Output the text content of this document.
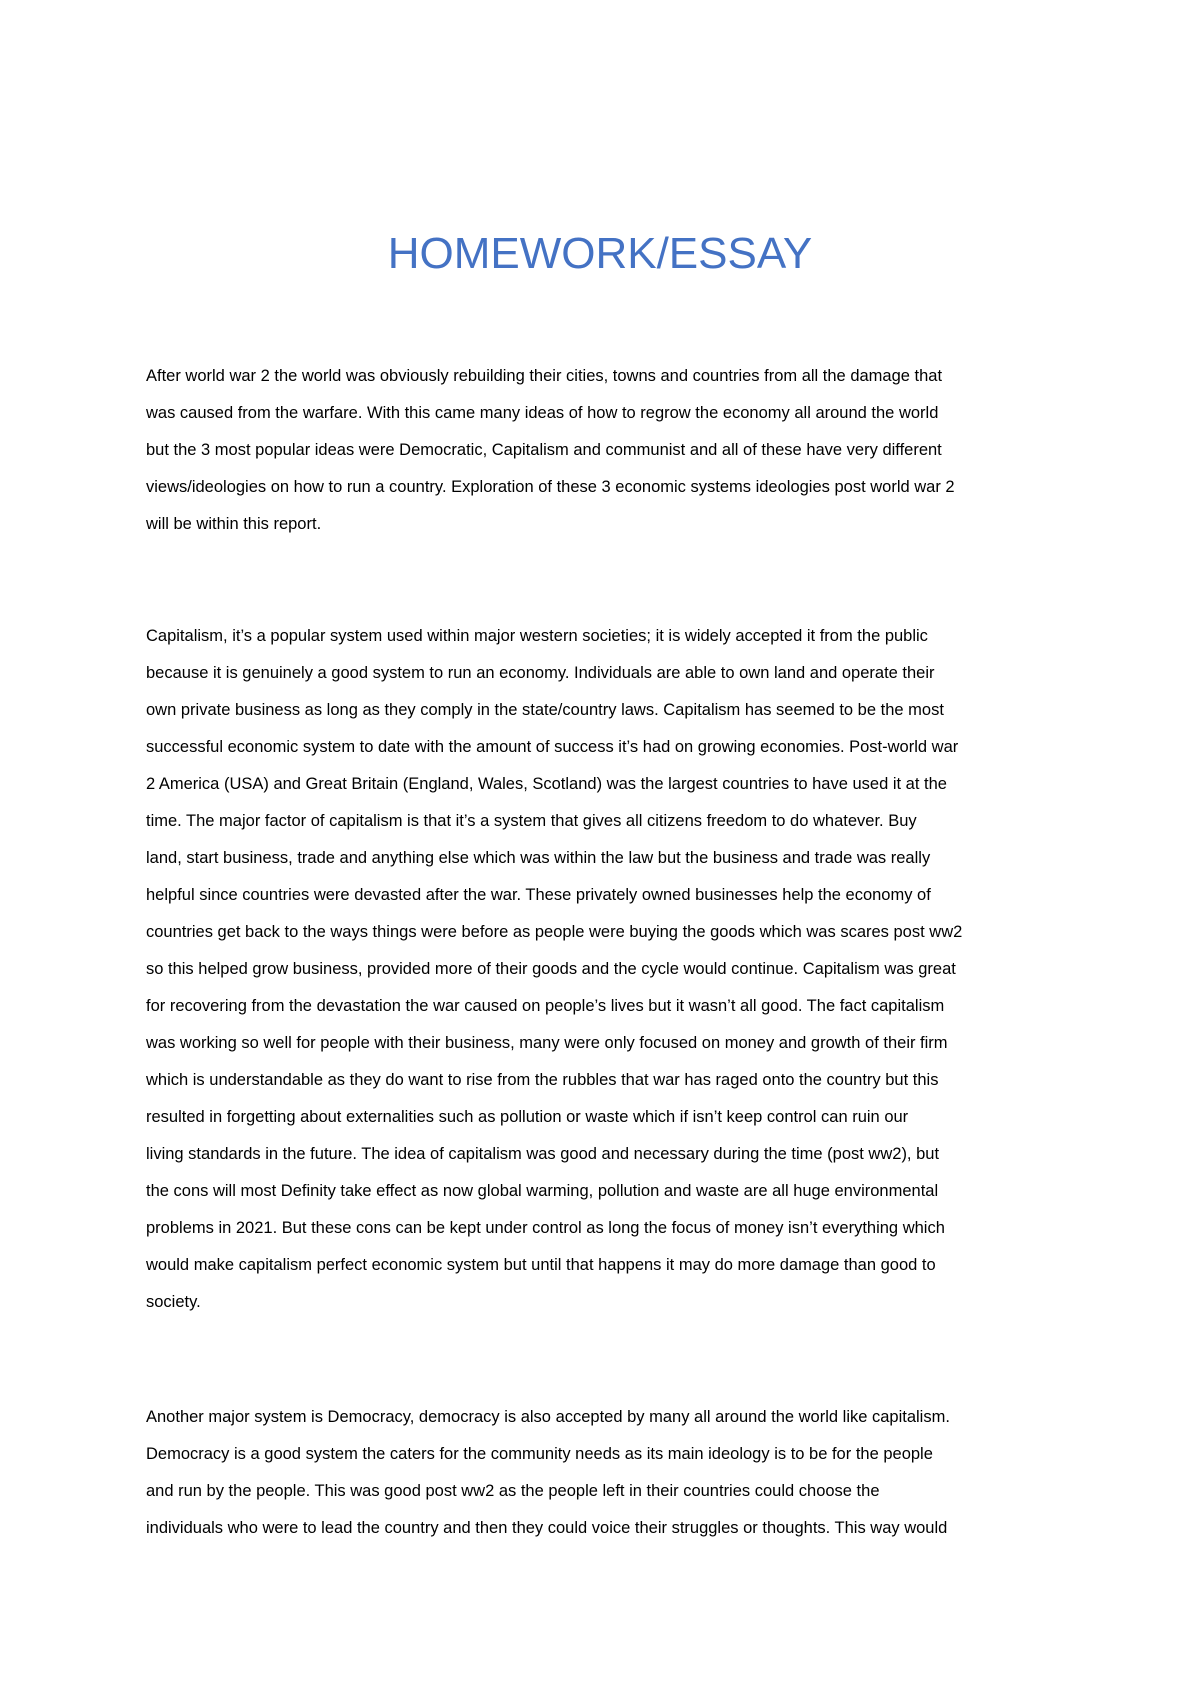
HOMEWORK/ESSAY

After world war 2 the world was obviously rebuilding their cities, towns and countries from all the damage that
was caused from the warfare. With this came many ideas of how to regrow the economy all around the world
but the 3 most popular ideas were Democratic, Capitalism and communist and all of these have very different
views/ideologies on how to run a country. Exploration of these 3 economic systems ideologies post world war 2
will be within this report.

Capitalism, it’s a popular system used within major western societies; it is widely accepted it from the public
because it is genuinely a good system to run an economy. Individuals are able to own land and operate their
own private business as long as they comply in the state/country laws. Capitalism has seemed to be the most
successful economic system to date with the amount of success it’s had on growing economies. Post-world war
2 America (USA) and Great Britain (England, Wales, Scotland) was the largest countries to have used it at the
time. The major factor of capitalism is that it’s a system that gives all citizens freedom to do whatever. Buy
land, start business, trade and anything else which was within the law but the business and trade was really
helpful since countries were devasted after the war. These privately owned businesses help the economy of
countries get back to the ways things were before as people were buying the goods which was scares post ww2
so this helped grow business, provided more of their goods and the cycle would continue. Capitalism was great
for recovering from the devastation the war caused on people’s lives but it wasn’t all good. The fact capitalism
was working so well for people with their business, many were only focused on money and growth of their firm
which is understandable as they do want to rise from the rubbles that war has raged onto the country but this
resulted in forgetting about externalities such as pollution or waste which if isn’t keep control can ruin our
living standards in the future. The idea of capitalism was good and necessary during the time (post ww2), but
the cons will most Definity take effect as now global warming, pollution and waste are all huge environmental
problems in 2021. But these cons can be kept under control as long the focus of money isn’t everything which
would make capitalism perfect economic system but until that happens it may do more damage than good to
society.

Another major system is Democracy, democracy is also accepted by many all around the world like capitalism.
Democracy is a good system the caters for the community needs as its main ideology is to be for the people
and run by the people. This was good post ww2 as the people left in their countries could choose the
individuals who were to lead the country and then they could voice their struggles or thoughts. This way would
